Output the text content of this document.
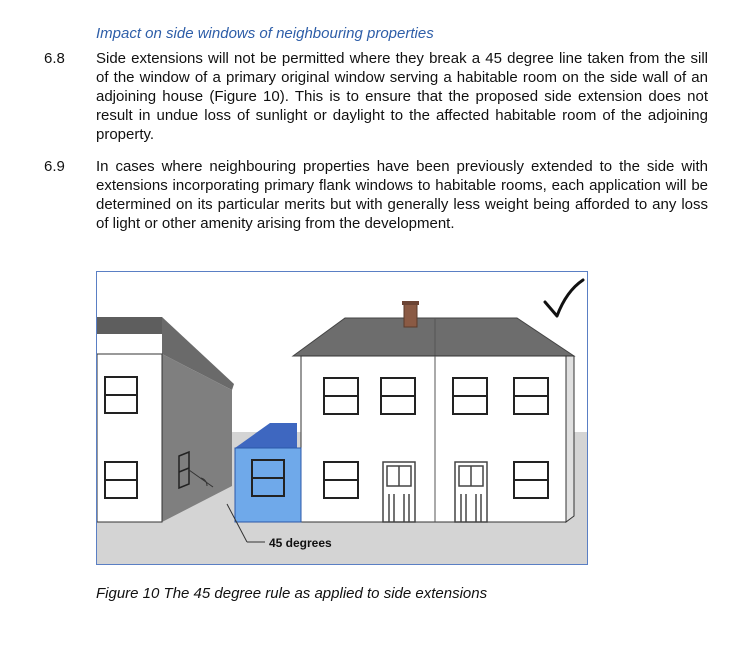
Impact on side windows of neighbouring properties
6.8 Side extensions will not be permitted where they break a 45 degree line taken from the sill of the window of a primary original window serving a habitable room on the side wall of an adjoining house (Figure 10). This is to ensure that the proposed side extension does not result in undue loss of sunlight or daylight to the affected habitable room of the adjoining property.
6.9 In cases where neighbouring properties have been previously extended to the side with extensions incorporating primary flank windows to habitable rooms, each application will be determined on its particular merits but with generally less weight being afforded to any loss of light or other amenity arising from the development.
45 degrees
Figure 10 The 45 degree rule as applied to side extensions
